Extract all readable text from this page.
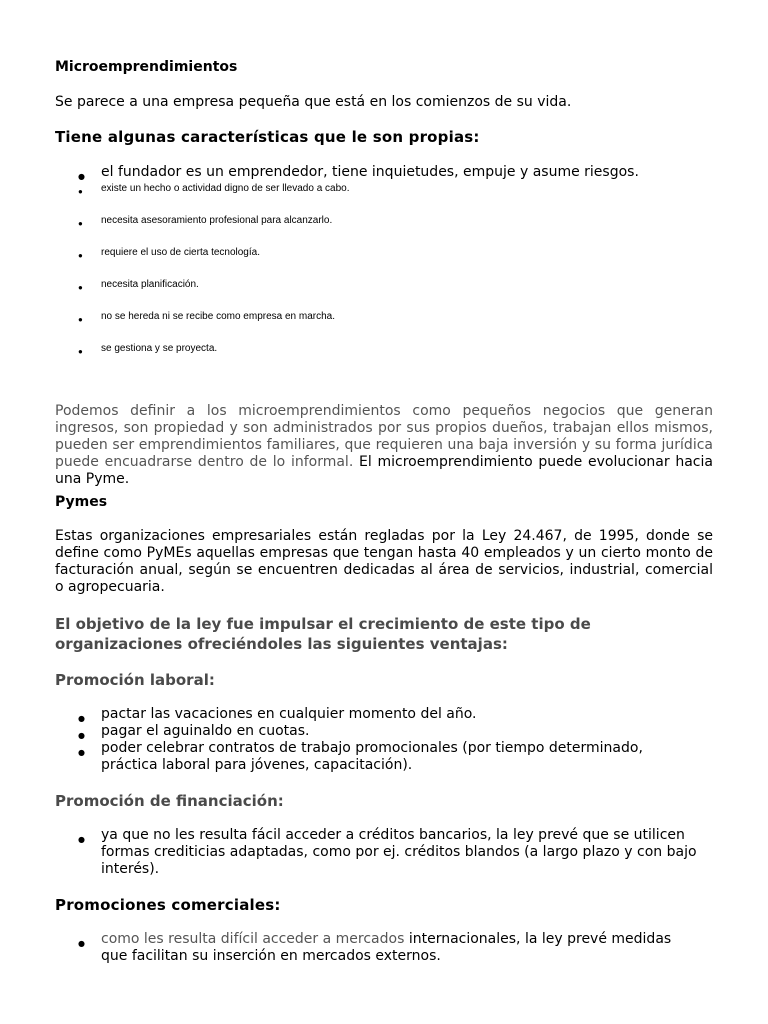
Microemprendimientos
Se parece a una empresa pequeña que está en los comienzos de su vida.
Tiene algunas características que le son propias:
● el fundador es un emprendedor, tiene inquietudes, empuje y asume riesgos.
● existe un hecho o actividad digno de ser llevado a cabo.
● necesita asesoramiento profesional para alcanzarlo.
● requiere el uso de cierta tecnología.
● necesita planificación.
● no se hereda ni se recibe como empresa en marcha.
● se gestiona y se proyecta.
Podemos definir a los microemprendimientos como pequeños negocios que generan ingresos, son propiedad y son administrados por sus propios dueños, trabajan ellos mismos, pueden ser emprendimientos familiares, que requieren una baja inversión y su forma jurídica puede encuadrarse dentro de lo informal. El microemprendimiento puede evolucionar hacia una Pyme.
Pymes
Estas organizaciones empresariales están regladas por la Ley 24.467, de 1995, donde se define como PyMEs aquellas empresas que tengan hasta 40 empleados y un cierto monto de facturación anual, según se encuentren dedicadas al área de servicios, industrial, comercial o agropecuaria.
El objetivo de la ley fue impulsar el crecimiento de este tipo de organizaciones ofreciéndoles las siguientes ventajas:
Promoción laboral:
● pactar las vacaciones en cualquier momento del año.
● pagar el aguinaldo en cuotas.
● poder celebrar contratos de trabajo promocionales (por tiempo determinado, práctica laboral para jóvenes, capacitación).
Promoción de financiación:
● ya que no les resulta fácil acceder a créditos bancarios, la ley prevé que se utilicen formas crediticias adaptadas, como por ej. créditos blandos (a largo plazo y con bajo interés).
Promociones comerciales:
● como les resulta difícil acceder a mercados internacionales, la ley prevé medidas que facilitan su inserción en mercados externos.
